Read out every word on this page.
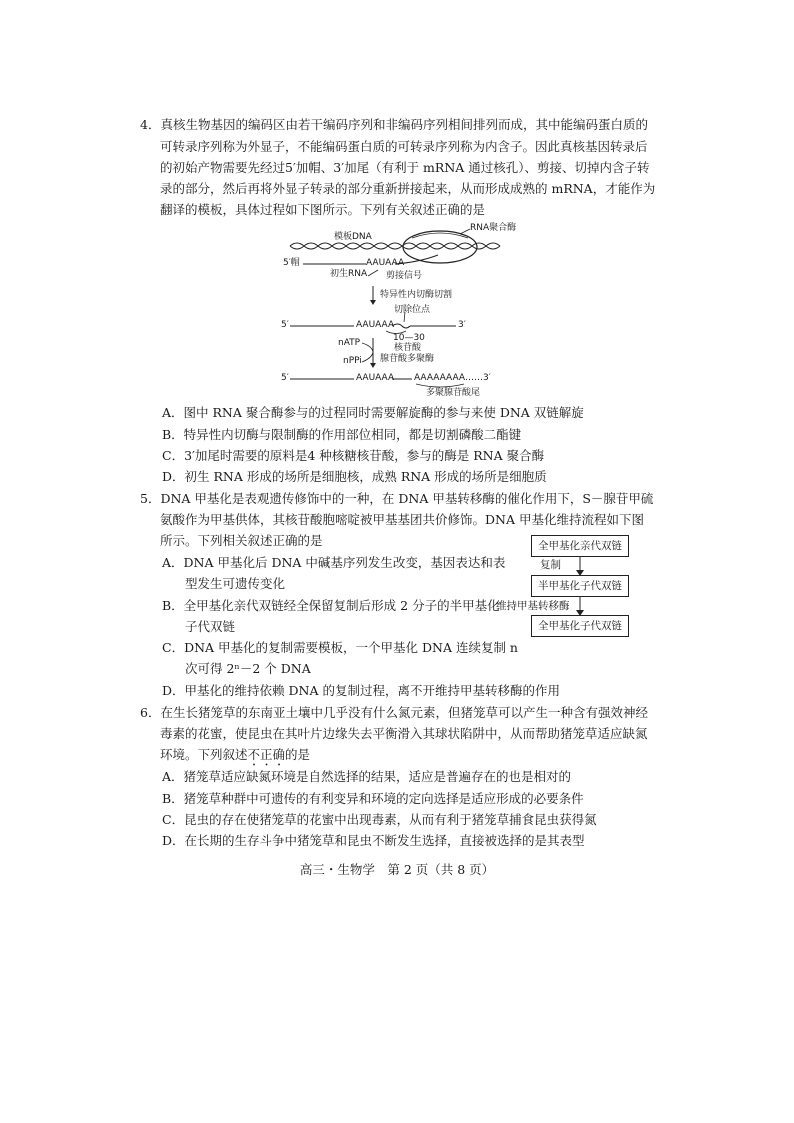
4．真核生物基因的编码区由若干编码序列和非编码序列相间排列而成，其中能编码蛋白质的
可转录序列称为外显子，不能编码蛋白质的可转录序列称为内含子。因此真核基因转录后
的初始产物需要先经过5′加帽、3′加尾（有利于 mRNA 通过核孔）、剪接、切掉内含子转
录的部分，然后再将外显子转录的部分重新拼接起来，从而形成成熟的 mRNA，才能作为
翻译的模板，具体过程如下图所示。下列有关叙述正确的是
模板DNA
RNA聚合酶
5′帽	AAUAAA
初生RNA 剪接信号
特异性内切酶切割
切除位点
5′	AAUAAA	3′
10—30
核苷酸
nATP
nPPi 腺苷酸多聚酶
5′	AAUAAA AAAAAAAA……3′
多聚腺苷酸尾
A．图中 RNA 聚合酶参与的过程同时需要解旋酶的参与来使 DNA 双链解旋
B．特异性内切酶与限制酶的作用部位相同，都是切割磷酸二酯键
C．3′加尾时需要的原料是4 种核糖核苷酸，参与的酶是 RNA 聚合酶
D．初生 RNA 形成的场所是细胞核，成熟 RNA 形成的场所是细胞质
5．DNA 甲基化是表观遗传修饰中的一种，在 DNA 甲基转移酶的催化作用下，S－腺苷甲硫
氨酸作为甲基供体，其核苷酸胞嘧啶被甲基基团共价修饰。DNA 甲基化维持流程如下图
所示。下列相关叙述正确的是	全甲基化亲代双链
复制
半甲基化子代双链
维持甲基转移酶
全甲基化子代双链
A．DNA 甲基化后 DNA 中碱基序列发生改变，基因表达和表
型发生可遗传变化
B．全甲基化亲代双链经全保留复制后形成 2 分子的半甲基化
子代双链
C．DNA 甲基化的复制需要模板，一个甲基化 DNA 连续复制 n
次可得 2ⁿ－2 个 DNA
D．甲基化的维持依赖 DNA 的复制过程，离不开维持甲基转移酶的作用
6．在生长猪笼草的东南亚土壤中几乎没有什么氮元素，但猪笼草可以产生一种含有强效神经
毒素的花蜜，使昆虫在其叶片边缘失去平衡滑入其球状陷阱中，从而帮助猪笼草适应缺氮
环境。下列叙述不正确的是
A．猪笼草适应缺氮环境是自然选择的结果，适应是普遍存在的也是相对的
B．猪笼草种群中可遗传的有利变异和环境的定向选择是适应形成的必要条件
C．昆虫的存在使猪笼草的花蜜中出现毒素，从而有利于猪笼草捕食昆虫获得氮
D．在长期的生存斗争中猪笼草和昆虫不断发生选择，直接被选择的是其表型
高三・生物学　第 2 页（共 8 页）
